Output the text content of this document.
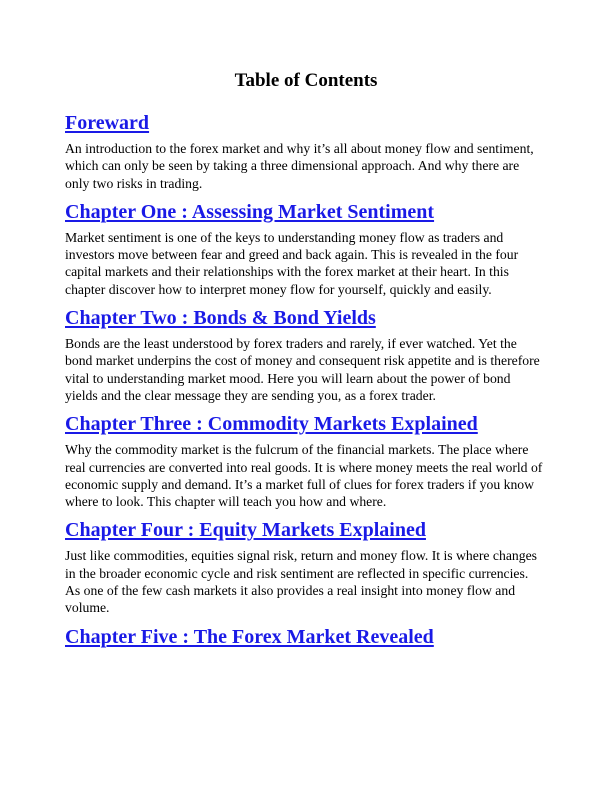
Table of Contents
Foreward

An introduction to the forex market and why it’s all about money flow and sentiment, which can only be seen by taking a three dimensional approach. And why there are only two risks in trading.

Chapter One : Assessing Market Sentiment

Market sentiment is one of the keys to understanding money flow as traders and investors move between fear and greed and back again. This is revealed in the four capital markets and their relationships with the forex market at their heart. In this chapter discover how to interpret money flow for yourself, quickly and easily.

Chapter Two : Bonds & Bond Yields

Bonds are the least understood by forex traders and rarely, if ever watched. Yet the bond market underpins the cost of money and consequent risk appetite and is therefore vital to understanding market mood. Here you will learn about the power of bond yields and the clear message they are sending you, as a forex trader.

Chapter Three : Commodity Markets Explained

Why the commodity market is the fulcrum of the financial markets. The place where real currencies are converted into real goods. It is where money meets the real world of economic supply and demand. It’s a market full of clues for forex traders if you know where to look. This chapter will teach you how and where.

Chapter Four : Equity Markets Explained

Just like commodities, equities signal risk, return and money flow. It is where changes in the broader economic cycle and risk sentiment are reflected in specific currencies. As one of the few cash markets it also provides a real insight into money flow and volume.

Chapter Five : The Forex Market Revealed
